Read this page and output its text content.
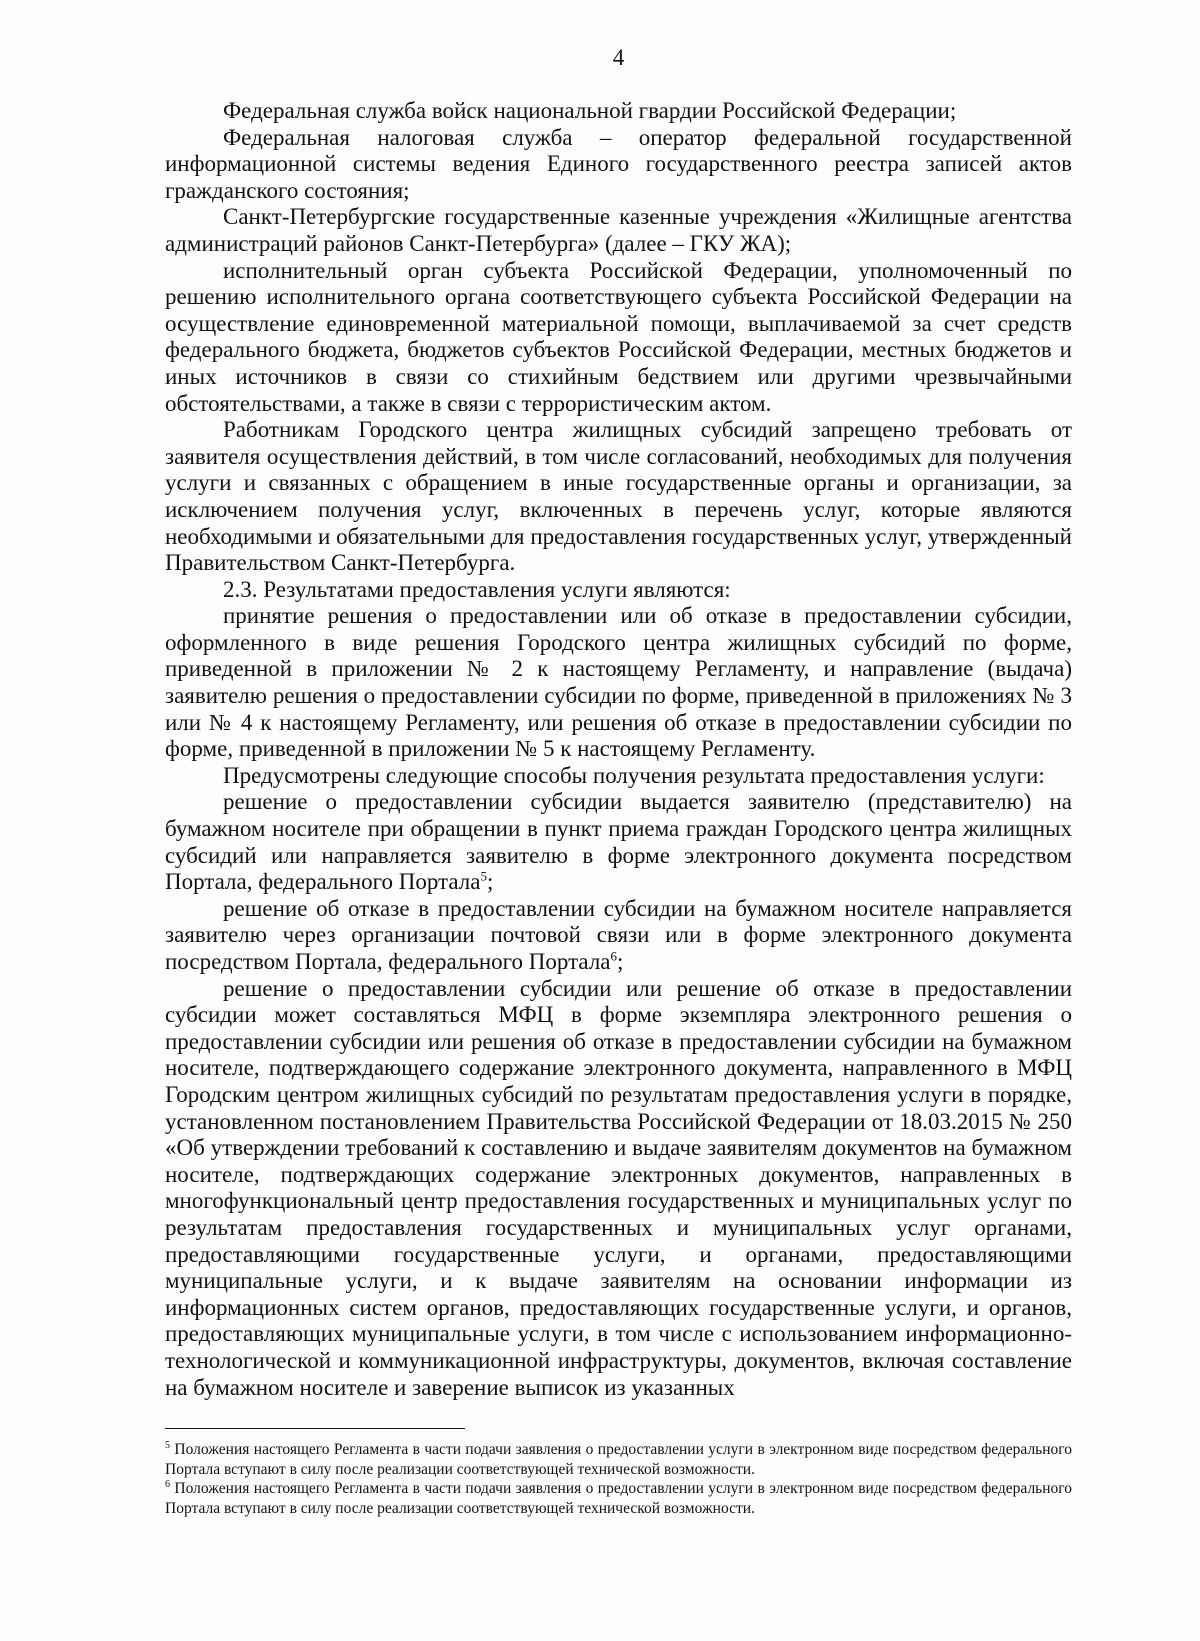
4

Федеральная служба войск национальной гвардии Российской Федерации;

Федеральная налоговая служба – оператор федеральной государственной информационной системы ведения Единого государственного реестра записей актов гражданского состояния;

Санкт-Петербургские государственные казенные учреждения «Жилищные агентства администраций районов Санкт-Петербурга» (далее – ГКУ ЖА);

исполнительный орган субъекта Российской Федерации, уполномоченный по решению исполнительного органа соответствующего субъекта Российской Федерации на осуществление единовременной материальной помощи, выплачиваемой за счет средств федерального бюджета, бюджетов субъектов Российской Федерации, местных бюджетов и иных источников в связи со стихийным бедствием или другими чрезвычайными обстоятельствами, а также в связи с террористическим актом.

Работникам Городского центра жилищных субсидий запрещено требовать от заявителя осуществления действий, в том числе согласований, необходимых для получения услуги и связанных с обращением в иные государственные органы и организации, за исключением получения услуг, включенных в перечень услуг, которые являются необходимыми и обязательными для предоставления государственных услуг, утвержденный Правительством Санкт-Петербурга.

2.3. Результатами предоставления услуги являются:

принятие решения о предоставлении или об отказе в предоставлении субсидии, оформленного в виде решения Городского центра жилищных субсидий по форме, приведенной в приложении № 2 к настоящему Регламенту, и направление (выдача) заявителю решения о предоставлении субсидии по форме, приведенной в приложениях № 3 или № 4 к настоящему Регламенту, или решения об отказе в предоставлении субсидии по форме, приведенной в приложении № 5 к настоящему Регламенту.

Предусмотрены следующие способы получения результата предоставления услуги:

решение о предоставлении субсидии выдается заявителю (представителю) на бумажном носителе при обращении в пункт приема граждан Городского центра жилищных субсидий или направляется заявителю в форме электронного документа посредством Портала, федерального Портала$^5$;

решение об отказе в предоставлении субсидии на бумажном носителе направляется заявителю через организации почтовой связи или в форме электронного документа посредством Портала, федерального Портала$^6$;

решение о предоставлении субсидии или решение об отказе в предоставлении субсидии может составляться МФЦ в форме экземпляра электронного решения о предоставлении субсидии или решения об отказе в предоставлении субсидии на бумажном носителе, подтверждающего содержание электронного документа, направленного в МФЦ Городским центром жилищных субсидий по результатам предоставления услуги в порядке, установленном постановлением Правительства Российской Федерации от 18.03.2015 № 250 «Об утверждении требований к составлению и выдаче заявителям документов на бумажном носителе, подтверждающих содержание электронных документов, направленных в многофункциональный центр предоставления государственных и муниципальных услуг по результатам предоставления государственных и муниципальных услуг органами, предоставляющими государственные услуги, и органами, предоставляющими муниципальные услуги, и к выдаче заявителям на основании информации из информационных систем органов, предоставляющих государственные услуги, и органов, предоставляющих муниципальные услуги, в том числе с использованием информационно-технологической и коммуникационной инфраструктуры, документов, включая составление на бумажном носителе и заверение выписок из указанных

$^5$ Положения настоящего Регламента в части подачи заявления о предоставлении услуги в электронном виде посредством федерального Портала вступают в силу после реализации соответствующей технической возможности.

$^6$ Положения настоящего Регламента в части подачи заявления о предоставлении услуги в электронном виде посредством федерального Портала вступают в силу после реализации соответствующей технической возможности.
